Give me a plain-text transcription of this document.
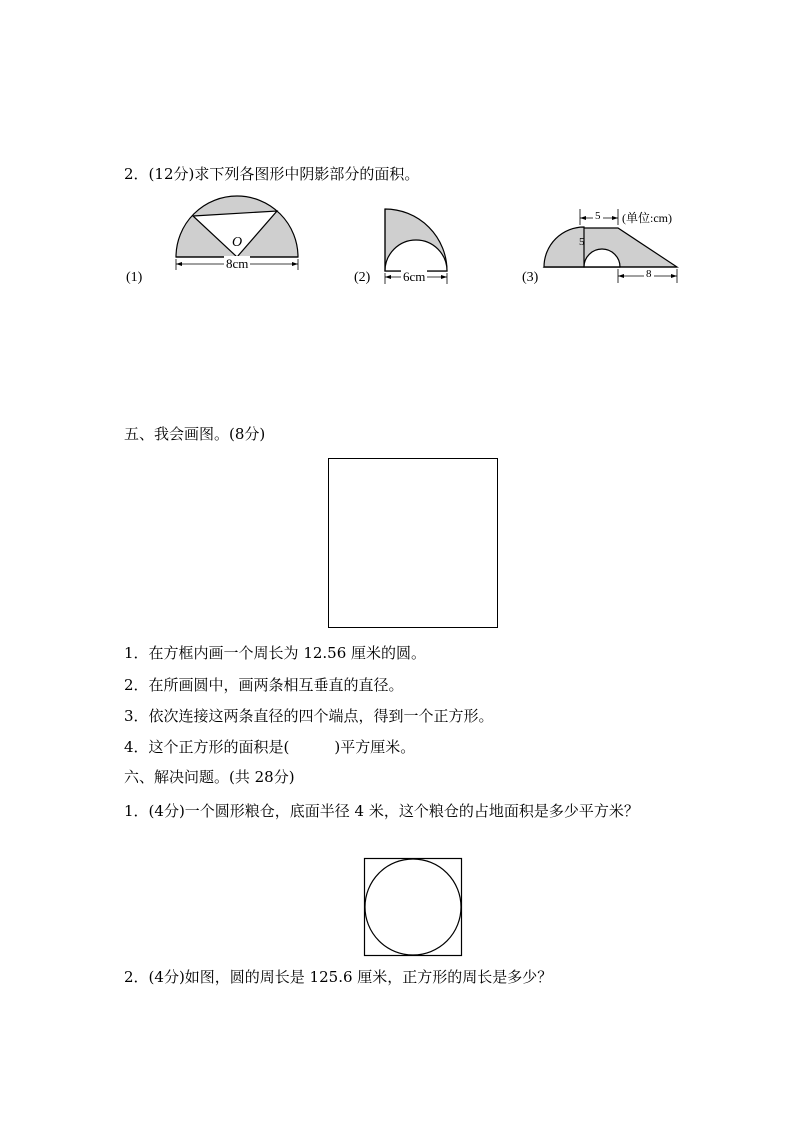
2．(12分)求下列各图形中阴影部分的面积。
O
8cm
(1)	6cm
(2)
5
5
8
(单位:cm)
(3)
五、我会画图。(8分)
1．在方框内画一个周长为 12.56 厘米的圆。
2．在所画圆中，画两条相互垂直的直径。
3．依次连接这两条直径的四个端点，得到一个正方形。
4．这个正方形的面积是(　　　)平方厘米。
六、解决问题。(共 28分)
1．(4分)一个圆形粮仓，底面半径 4 米，这个粮仓的占地面积是多少平方米？
2．(4分)如图，圆的周长是 125.6 厘米，正方形的周长是多少？
